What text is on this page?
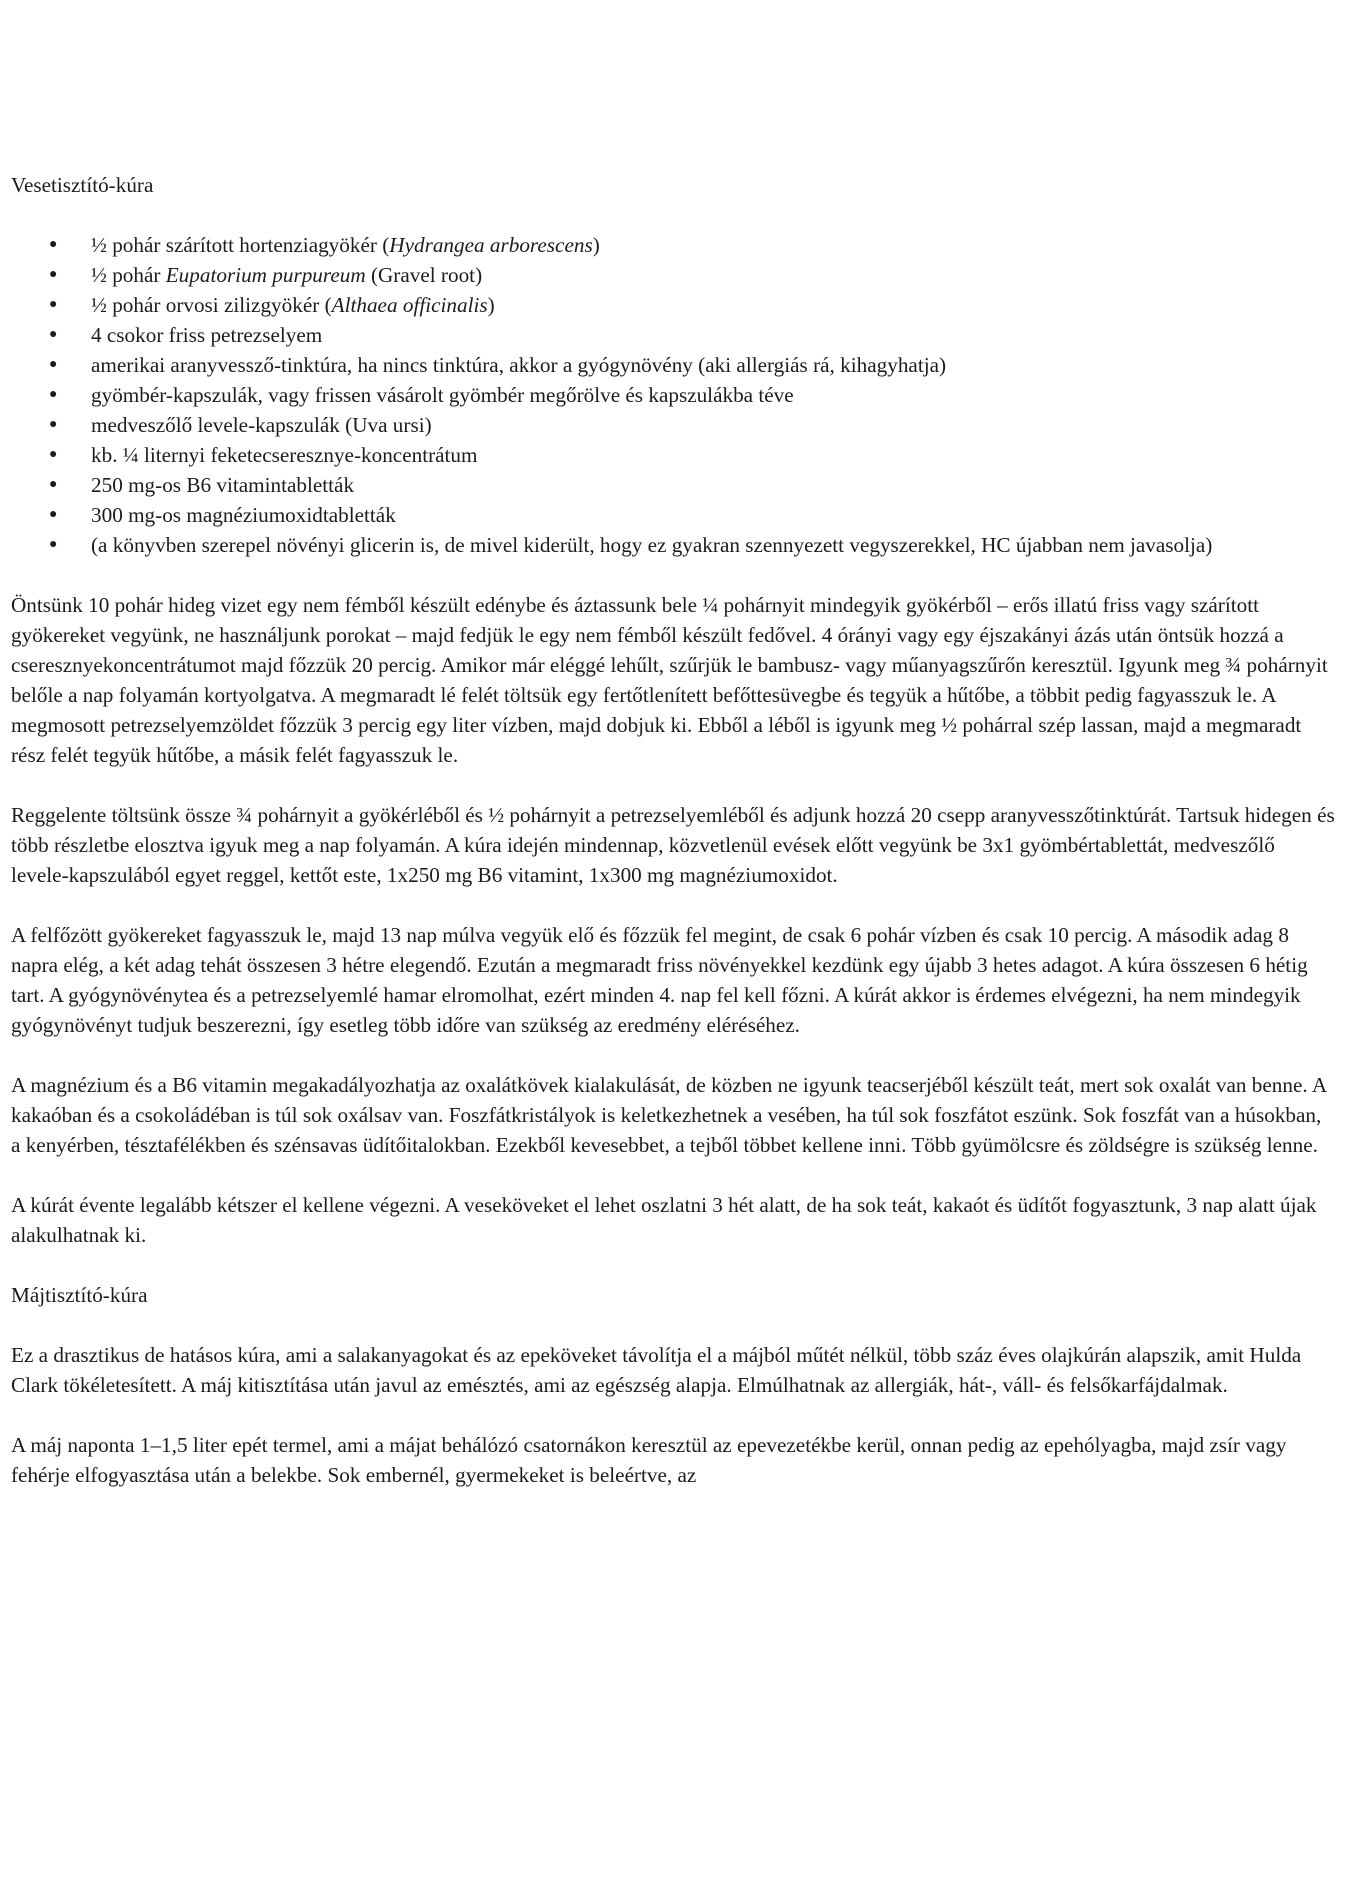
Vesetisztító-kúra
● ½ pohár szárított hortenziagyökér (Hydrangea arborescens)
● ½ pohár Eupatorium purpureum (Gravel root)
● ½ pohár orvosi zilizgyökér (Althaea officinalis)
● 4 csokor friss petrezselyem
● amerikai aranyvessző-tinktúra, ha nincs tinktúra, akkor a gyógynövény (aki allergiás rá, kihagyhatja)
● gyömbér-kapszulák, vagy frissen vásárolt gyömbér megőrölve és kapszulákba téve
● medveszőlő levele-kapszulák (Uva ursi)
● kb. ¼ liternyi feketecseresznye-koncentrátum
● 250 mg-os B6 vitamintabletták
● 300 mg-os magnéziumoxidtabletták
● (a könyvben szerepel növényi glicerin is, de mivel kiderült, hogy ez gyakran szennyezett vegyszerekkel, HC újabban nem javasolja)

Öntsünk 10 pohár hideg vizet egy nem fémből készült edénybe és áztassunk bele ¼ pohárnyit mindegyik gyökérből – erős illatú friss vagy szárított gyökereket vegyünk, ne használjunk porokat – majd fedjük le egy nem fémből készült fedővel. 4 órányi vagy egy éjszakányi ázás után öntsük hozzá a cseresznyekoncentrátumot majd főzzük 20 percig. Amikor már eléggé lehűlt, szűrjük le bambusz- vagy műanyagszűrőn keresztül. Igyunk meg ¾ pohárnyit belőle a nap folyamán kortyolgatva. A megmaradt lé felét töltsük egy fertőtlenített befőttesüvegbe és tegyük a hűtőbe, a többit pedig fagyasszuk le. A megmosott petrezselyemzöldet főzzük 3 percig egy liter vízben, majd dobjuk ki. Ebből a léből is igyunk meg ½ pohárral szép lassan, majd a megmaradt rész felét tegyük hűtőbe, a másik felét fagyasszuk le.

Reggelente töltsünk össze ¾ pohárnyit a gyökérléből és ½ pohárnyit a petrezselyemléből és adjunk hozzá 20 csepp aranyvesszőtinktúrát. Tartsuk hidegen és több részletbe elosztva igyuk meg a nap folyamán. A kúra idején mindennap, közvetlenül evések előtt vegyünk be 3x1 gyömbértablettát, medveszőlő levele-kapszulából egyet reggel, kettőt este, 1x250 mg B6 vitamint, 1x300 mg magnéziumoxidot.

A felfőzött gyökereket fagyasszuk le, majd 13 nap múlva vegyük elő és főzzük fel megint, de csak 6 pohár vízben és csak 10 percig. A második adag 8 napra elég, a két adag tehát összesen 3 hétre elegendő. Ezután a megmaradt friss növényekkel kezdünk egy újabb 3 hetes adagot. A kúra összesen 6 hétig tart. A gyógynövénytea és a petrezselyemlé hamar elromolhat, ezért minden 4. nap fel kell főzni. A kúrát akkor is érdemes elvégezni, ha nem mindegyik gyógynövényt tudjuk beszerezni, így esetleg több időre van szükség az eredmény eléréséhez.

A magnézium és a B6 vitamin megakadályozhatja az oxalátkövek kialakulását, de közben ne igyunk teacserjéből készült teát, mert sok oxalát van benne. A kakaóban és a csokoládéban is túl sok oxálsav van. Foszfátkristályok is keletkezhetnek a vesében, ha túl sok foszfátot eszünk. Sok foszfát van a húsokban, a kenyérben, tésztafélékben és szénsavas üdítőitalokban. Ezekből kevesebbet, a tejből többet kellene inni. Több gyümölcsre és zöldségre is szükség lenne.

A kúrát évente legalább kétszer el kellene végezni. A veseköveket el lehet oszlatni 3 hét alatt, de ha sok teát, kakaót és üdítőt fogyasztunk, 3 nap alatt újak alakulhatnak ki.

Májtisztító-kúra

Ez a drasztikus de hatásos kúra, ami a salakanyagokat és az epeköveket távolítja el a májból műtét nélkül, több száz éves olajkúrán alapszik, amit Hulda Clark tökéletesített. A máj kitisztítása után javul az emésztés, ami az egészség alapja. Elmúlhatnak az allergiák, hát-, váll- és felsőkarfájdalmak.

A máj naponta 1–1,5 liter epét termel, ami a májat behálózó csatornákon keresztül az epevezetékbe kerül, onnan pedig az epehólyagba, majd zsír vagy fehérje elfogyasztása után a belekbe. Sok embernél, gyermekeket is beleértve, az
